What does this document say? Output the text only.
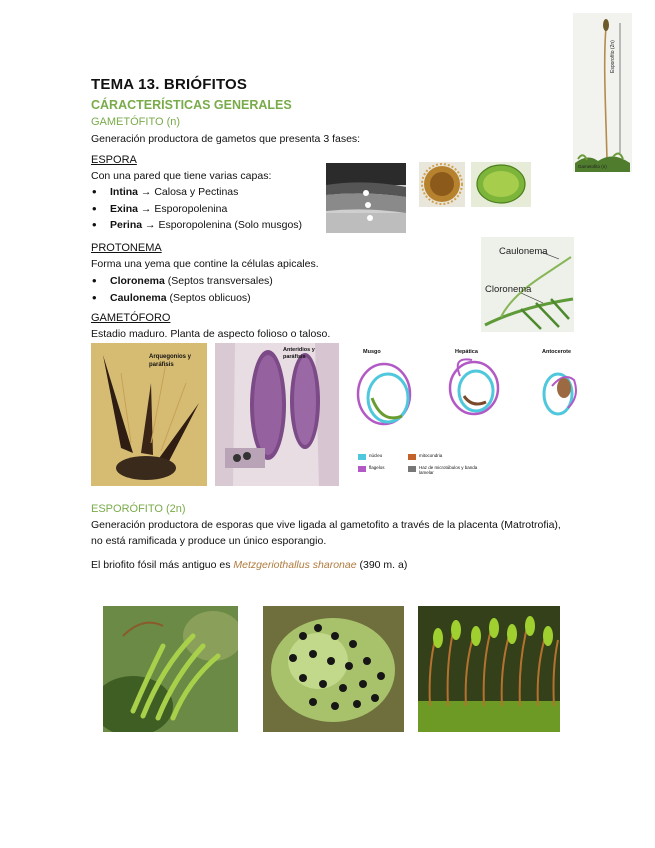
Esporofito (2n)
Gametofito (n)
TEMA 13. BRIÓFITOS
CÁRACTERÍSTICAS GENERALES
GAMETÓFITO (n)
Generación productora de gametos que presenta 3 fases:
ESPORA
Con una pared que tiene varias capas:
• Intina → Calosa y Pectinas
• Exina → Esporopolenina
• Perina → Esporopolenina (Solo musgos)
PROTONEMA
Forma una yema que contine la células apicales.
• Cloronema (Septos transversales)
• Caulonema (Septos oblicuos)
Caulonema
Cloronema
GAMETÓFORO
Estadio maduro. Planta de aspecto folioso o taloso.
Arquegonios y
paráfisis
Anteridios y
paráfisis
Musgo	Hepática	Antocerote
núcleo
flagelos
mitocondria
Haz de microtúbulos y banda lamelar
ESPORÓFITO (2n)
Generación productora de esporas que vive ligada al gametofito a través de la placenta (Matrotrofia), no está ramificada y produce un único esporangio.
El briofito fósil más antiguo es Metzgeriothallus sharonae (390 m. a)
